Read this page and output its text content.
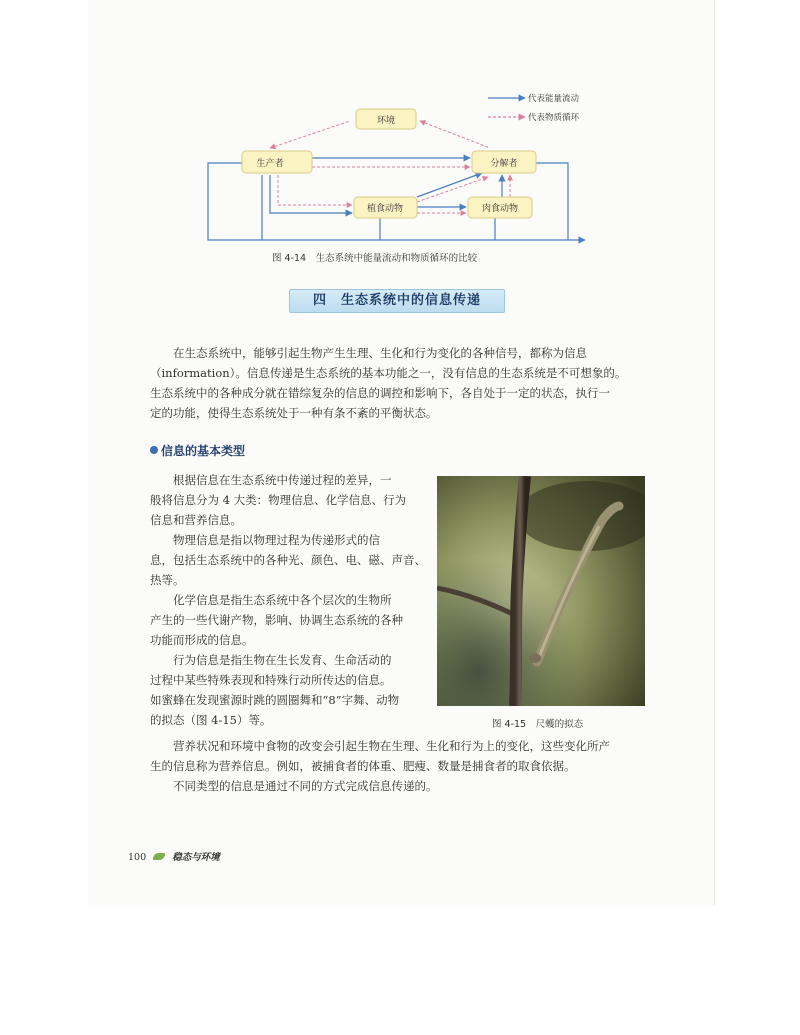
代表能量流动
代表物质循环
环境
生产者	分解者
植食动物	肉食动物
图 4-14　生态系统中能量流动和物质循环的比较
四　生态系统中的信息传递
在生态系统中，能够引起生物产生生理、生化和行为变化的各种信号，都称为信息
（information）。信息传递是生态系统的基本功能之一，没有信息的生态系统是不可想象的。
生态系统中的各种成分就在错综复杂的信息的调控和影响下，各自处于一定的状态，执行一
定的功能，使得生态系统处于一种有条不紊的平衡状态。
信息的基本类型
根据信息在生态系统中传递过程的差异，一
般将信息分为 4 大类：物理信息、化学信息、行为
信息和营养信息。
物理信息是指以物理过程为传递形式的信
息，包括生态系统中的各种光、颜色、电、磁、声音、
热等。
化学信息是指生态系统中各个层次的生物所
产生的一些代谢产物，影响、协调生态系统的各种
功能而形成的信息。
行为信息是指生物在生长发育、生命活动的
过程中某些特殊表现和特殊行动所传达的信息。
如蜜蜂在发现蜜源时跳的圆圈舞和“8”字舞、动物
的拟态（图 4-15）等。	图 4-15　尺蠖的拟态
营养状况和环境中食物的改变会引起生物在生理、生化和行为上的变化，这些变化所产
生的信息称为营养信息。例如，被捕食者的体重、肥瘦、数量是捕食者的取食依据。
不同类型的信息是通过不同的方式完成信息传递的。
100	稳态与环境
